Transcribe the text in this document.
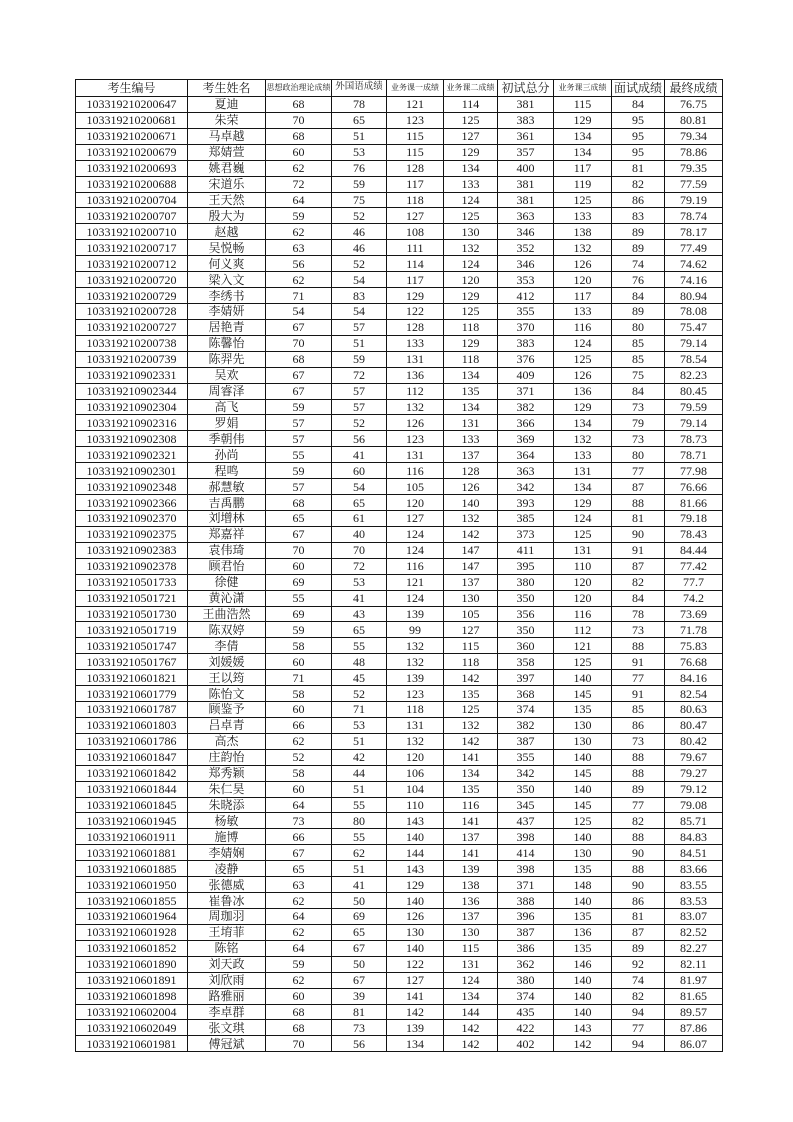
考生编号	考生姓名	思想政治理论成绩	外国语成绩	业务课一成绩	业务课二成绩	初试总分	业务课三成绩	面试成绩	最终成绩
103319210200647	夏迪	68	78	121	114	381	115	84	76.75
103319210200681	朱荣	70	65	123	125	383	129	95	80.81
103319210200671	马卓越	68	51	115	127	361	134	95	79.34
103319210200679	郑婧萱	60	53	115	129	357	134	95	78.86
103319210200693	姚君巍	62	76	128	134	400	117	81	79.35
103319210200688	宋道乐	72	59	117	133	381	119	82	77.59
103319210200704	王天然	64	75	118	124	381	125	86	79.19
103319210200707	殷大为	59	52	127	125	363	133	83	78.74
103319210200710	赵越	62	46	108	130	346	138	89	78.17
103319210200717	吴悦畅	63	46	111	132	352	132	89	77.49
103319210200712	何义爽	56	52	114	124	346	126	74	74.62
103319210200720	梁入文	62	54	117	120	353	120	76	74.16
103319210200729	李绣书	71	83	129	129	412	117	84	80.94
103319210200728	李婧妍	54	54	122	125	355	133	89	78.08
103319210200727	居艳青	67	57	128	118	370	116	80	75.47
103319210200738	陈馨怡	70	51	133	129	383	124	85	79.14
103319210200739	陈羿先	68	59	131	118	376	125	85	78.54
103319210902331	吴欢	67	72	136	134	409	126	75	82.23
103319210902344	周睿泽	67	57	112	135	371	136	84	80.45
103319210902304	高飞	59	57	132	134	382	129	73	79.59
103319210902316	罗娟	57	52	126	131	366	134	79	79.14
103319210902308	季朝伟	57	56	123	133	369	132	73	78.73
103319210902321	孙尚	55	41	131	137	364	133	80	78.71
103319210902301	程鸣	59	60	116	128	363	131	77	77.98
103319210902348	郝慧敏	57	54	105	126	342	134	87	76.66
103319210902366	吉禹鹏	68	65	120	140	393	129	88	81.66
103319210902370	刘增林	65	61	127	132	385	124	81	79.18
103319210902375	郑嘉祥	67	40	124	142	373	125	90	78.43
103319210902383	袁伟琦	70	70	124	147	411	131	91	84.44
103319210902378	顾君怡	60	72	116	147	395	110	87	77.42
103319210501733	徐健	69	53	121	137	380	120	82	77.7
103319210501721	黄沁潇	55	41	124	130	350	120	84	74.2
103319210501730	王曲浩然	69	43	139	105	356	116	78	73.69
103319210501719	陈双婷	59	65	99	127	350	112	73	71.78
103319210501747	李倩	58	55	132	115	360	121	88	75.83
103319210501767	刘媛媛	60	48	132	118	358	125	91	76.68
103319210601821	王以筠	71	45	139	142	397	140	77	84.16
103319210601779	陈怡文	58	52	123	135	368	145	91	82.54
103319210601787	顾鉴予	60	71	118	125	374	135	85	80.63
103319210601803	吕卓青	66	53	131	132	382	130	86	80.47
103319210601786	高杰	62	51	132	142	387	130	73	80.42
103319210601847	庄韵怡	52	42	120	141	355	140	88	79.67
103319210601842	郑秀颖	58	44	106	134	342	145	88	79.27
103319210601844	朱仁昊	60	51	104	135	350	140	89	79.12
103319210601845	朱晓添	64	55	110	116	345	145	77	79.08
103319210601945	杨敏	73	80	143	141	437	125	82	85.71
103319210601911	施博	66	55	140	137	398	140	88	84.83
103319210601881	李婧娴	67	62	144	141	414	130	90	84.51
103319210601885	凌静	65	51	143	139	398	135	88	83.66
103319210601950	张德威	63	41	129	138	371	148	90	83.55
103319210601855	崔鲁冰	62	50	140	136	388	140	86	83.53
103319210601964	周珈羽	64	69	126	137	396	135	81	83.07
103319210601928	王堉菲	62	65	130	130	387	136	87	82.52
103319210601852	陈铭	64	67	140	115	386	135	89	82.27
103319210601890	刘天政	59	50	122	131	362	146	92	82.11
103319210601891	刘欣雨	62	67	127	124	380	140	74	81.97
103319210601898	路雅丽	60	39	141	134	374	140	82	81.65
103319210602004	李卓群	68	81	142	144	435	140	94	89.57
103319210602049	张文琪	68	73	139	142	422	143	77	87.86
103319210601981	傅冠斌	70	56	134	142	402	142	94	86.07
